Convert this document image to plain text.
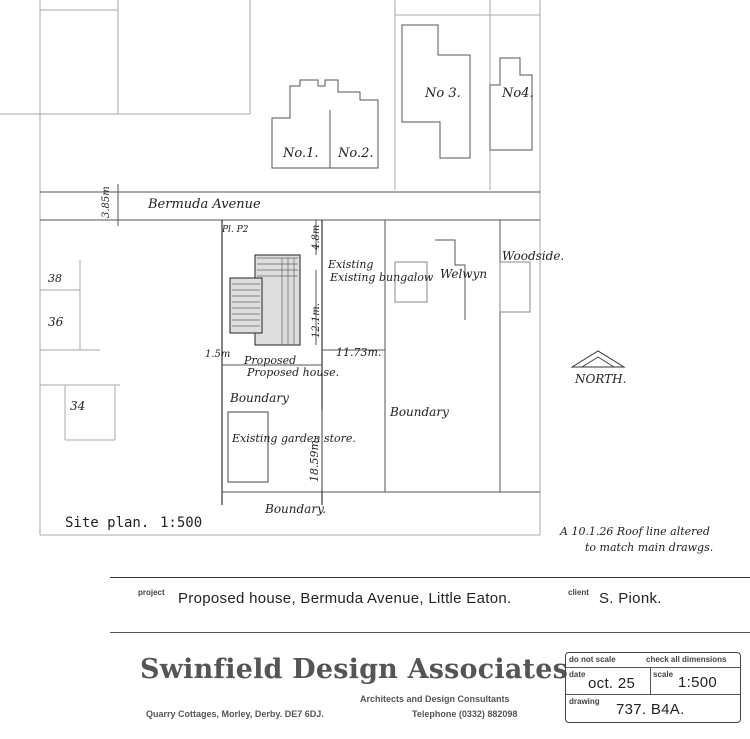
Bermuda Avenue
3.85m
No.1. No.2.
No 3.	No4.
38
36
34
Pl. P2
Proposed
Proposed house.
Existing garden store.
4.8m
12.1m.
1.5m	11.73m.
18.59m.
Existing
Existing bungalow Welwyn
Woodside.
Boundary
Boundary
Boundary.
NORTH.
Site plan. 1:500
A 10.1.26 Roof line altered
to match main drawgs.
project Proposed house, Bermuda Avenue, Little Eaton.	client S. Pionk.
Swinfield Design Associates
Architects and Design Consultants
Quarry Cottages, Morley, Derby. DE7 6DJ.	Telephone (0332) 882098
do not scale	check all dimensions
date
oct. 25
scale 1:500
drawing 737. B4A.
